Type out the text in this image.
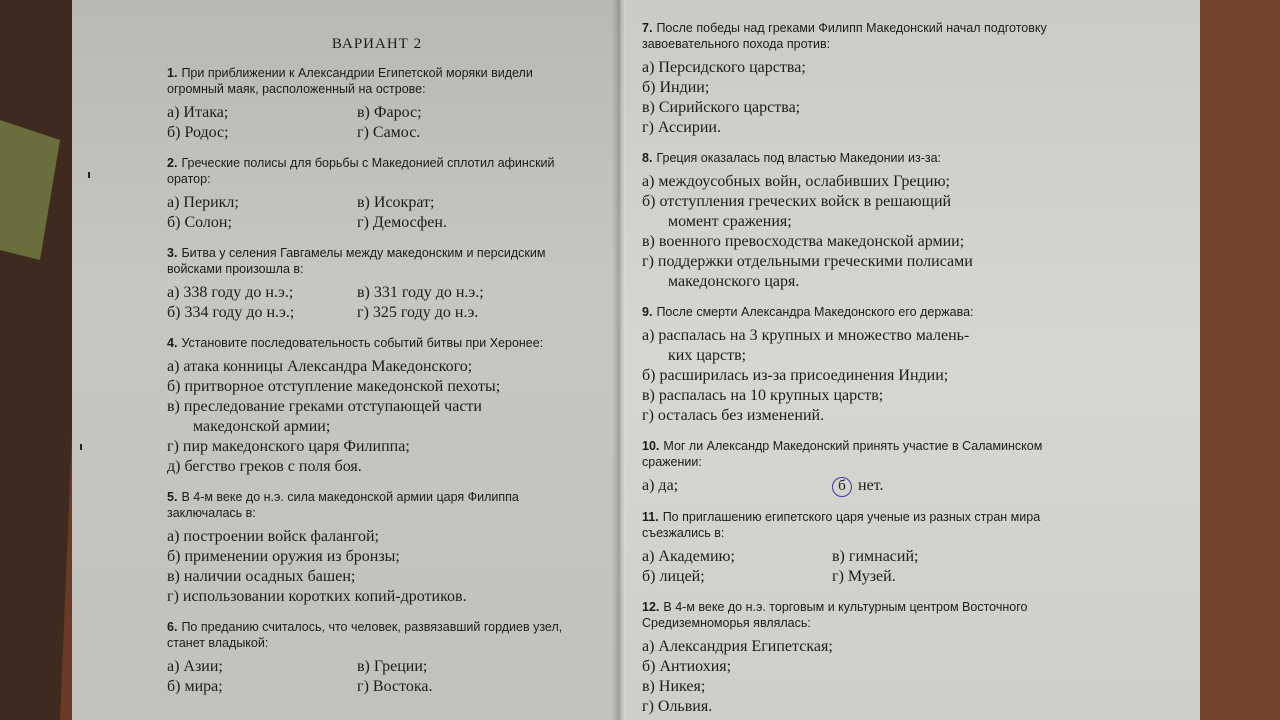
ВАРИАНТ 2
1. При приближении к Александрии Египетской моряки видели огромный маяк, расположенный на острове:
а) Итака;	в) Фарос;
б) Родос;	г) Самос.
2. Греческие полисы для борьбы с Македонией сплотил афинский оратор:
а) Перикл;	в) Исократ;
б) Солон;	г) Демосфен.
3. Битва у селения Гавгамелы между македонским и персидским войсками произошла в:
а) 338 году до н.э.;	в) 331 году до н.э.;
б) 334 году до н.э.;	г) 325 году до н.э.
4. Установите последовательность событий битвы при Херонее:
а) атака конницы Александра Македонского;
б) притворное отступление македонской пехоты;
в) преследование греками отступающей части
македонской армии;
г) пир македонского царя Филиппа;
д) бегство греков с поля боя.
5. В 4-м веке до н.э. сила македонской армии царя Филиппа заключалась в:
а) построении войск фалангой;
б) применении оружия из бронзы;
в) наличии осадных башен;
г) использовании коротких копий-дротиков.
6. По преданию считалось, что человек, развязавший гордиев узел, станет владыкой:
а) Азии;	в) Греции;
б) мира;	г) Востока.
7. После победы над греками Филипп Македонский начал подготовку завоевательного похода против:
а) Персидского царства;
б) Индии;
в) Сирийского царства;
г) Ассирии.
8. Греция оказалась под властью Македонии из-за:
а) междоусобных войн, ослабивших Грецию;
б) отступления греческих войск в решающий
момент сражения;
в) военного превосходства македонской армии;
г) поддержки отдельными греческими полисами
македонского царя.
9. После смерти Александра Македонского его держава:
а) распалась на 3 крупных и множество малень-
ких царств;
б) расширилась из-за присоединения Индии;
в) распалась на 10 крупных царств;
г) осталась без изменений.
10. Мог ли Александр Македонский принять участие в Саламинском сражении:
а) да;	б нет.
11. По приглашению египетского царя ученые из разных стран мира съезжались в:
а) Академию;	в) гимнасий;
б) лицей;	г) Музей.
12. В 4-м веке до н.э. торговым и культурным центром Восточного Средиземноморья являлась:
а) Александрия Египетская;
б) Антиохия;
в) Никея;
г) Ольвия.
